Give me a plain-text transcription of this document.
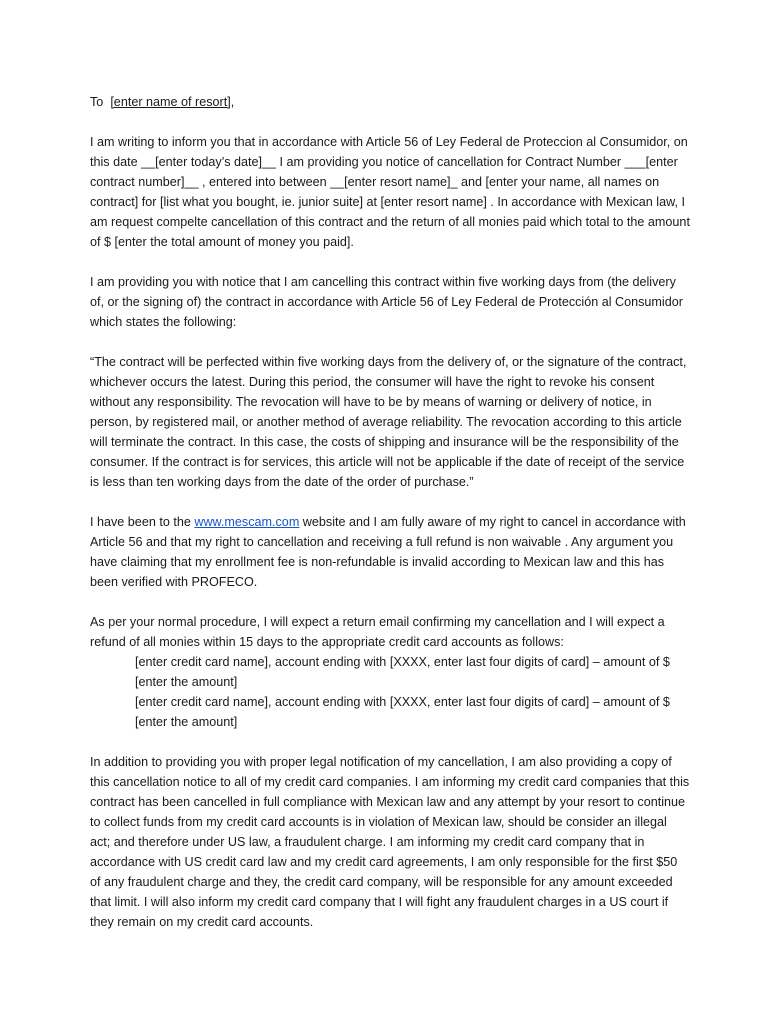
To [enter name of resort],

I am writing to inform you that in accordance with Article 56 of Ley Federal de Proteccion al Consumidor, on this date __[enter today’s date]__ I am providing you notice of cancellation for Contract Number ___[enter contract number]__ , entered into between __[enter resort name]_ and [enter your name, all names on contract] for [list what you bought, ie. junior suite] at [enter resort name] . In accordance with Mexican law, I am request compelte cancellation of this contract and the return of all monies paid which total to the amount of $ [enter the total amount of money you paid].

I am providing you with notice that I am cancelling this contract within five working days from (the delivery of, or the signing of) the contract in accordance with Article 56 of Ley Federal de Protección al Consumidor which states the following:

“The contract will be perfected within five working days from the delivery of, or the signature of the contract, whichever occurs the latest. During this period, the consumer will have the right to revoke his consent without any responsibility. The revocation will have to be by means of warning or delivery of notice, in person, by registered mail, or another method of average reliability. The revocation according to this article will terminate the contract. In this case, the costs of shipping and insurance will be the responsibility of the consumer. If the contract is for services, this article will not be applicable if the date of receipt of the service is less than ten working days from the date of the order of purchase.”

I have been to the www.mescam.com website and I am fully aware of my right to cancel in accordance with Article 56 and that my right to cancellation and receiving a full refund is non waivable . Any argument you have claiming that my enrollment fee is non-refundable is invalid according to Mexican law and this has been verified with PROFECO.

As per your normal procedure, I will expect a return email confirming my cancellation and I will expect a refund of all monies within 15 days to the appropriate credit card accounts as follows:

[enter credit card name], account ending with [XXXX, enter last four digits of card] – amount of $ [enter the amount]

[enter credit card name], account ending with [XXXX, enter last four digits of card] – amount of $ [enter the amount]

In addition to providing you with proper legal notification of my cancellation, I am also providing a copy of this cancellation notice to all of my credit card companies. I am informing my credit card companies that this contract has been cancelled in full compliance with Mexican law and any attempt by your resort to continue to collect funds from my credit card accounts is in violation of Mexican law, should be consider an illegal act; and therefore under US law, a fraudulent charge. I am informing my credit card company that in accordance with US credit card law and my credit card agreements, I am only responsible for the first $50 of any fraudulent charge and they, the credit card company, will be responsible for any amount exceeded that limit. I will also inform my credit card company that I will fight any fraudulent charges in a US court if they remain on my credit card accounts.
